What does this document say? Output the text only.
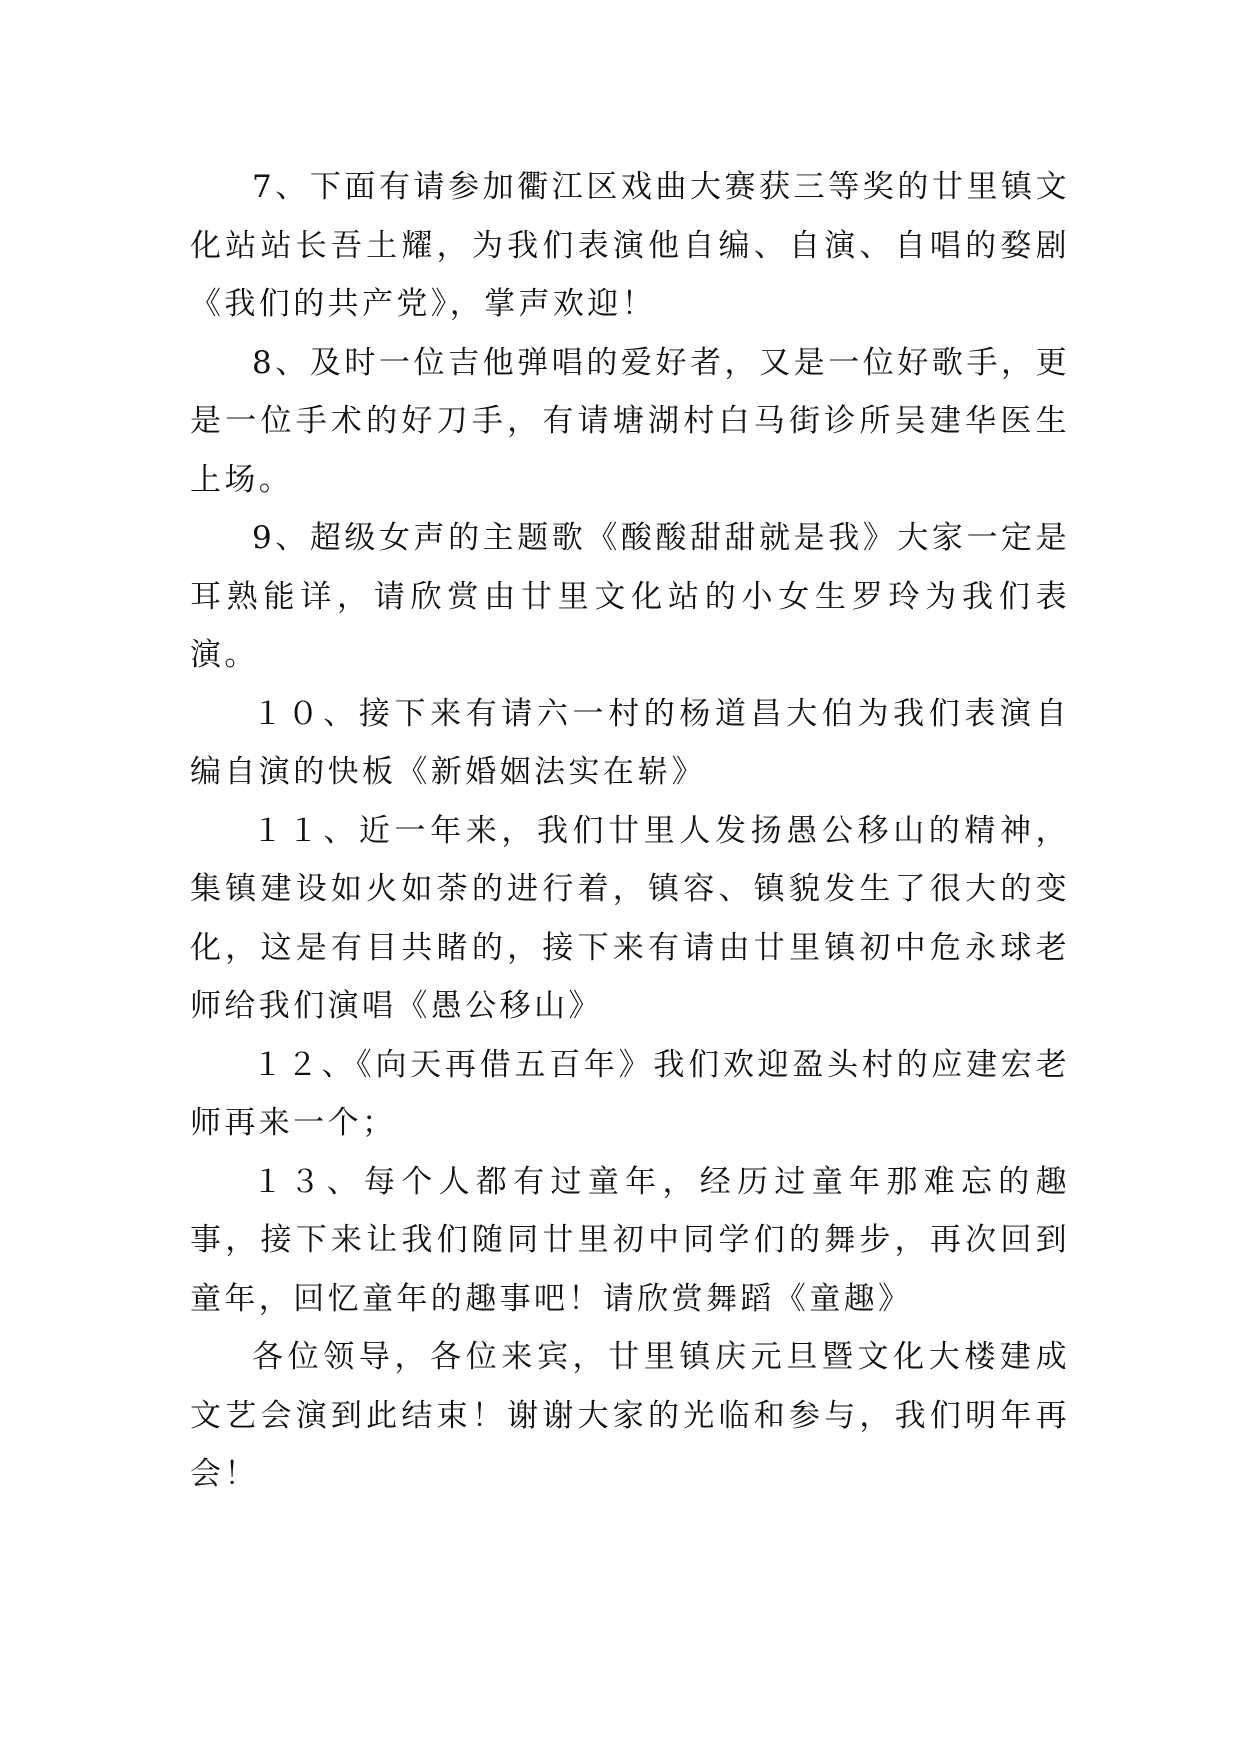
7、下面有请参加衢江区戏曲大赛获三等奖的廿里镇文化站站长吾土耀，为我们表演他自编、自演、自唱的婺剧《我们的共产党》，掌声欢迎！

8、及时一位吉他弹唱的爱好者，又是一位好歌手，更是一位手术的好刀手，有请塘湖村白马街诊所吴建华医生上场。

9、超级女声的主题歌《酸酸甜甜就是我》大家一定是耳熟能详，请欣赏由廿里文化站的小女生罗玲为我们表演。

１０、接下来有请六一村的杨道昌大伯为我们表演自编自演的快板《新婚姻法实在崭》

１１、近一年来，我们廿里人发扬愚公移山的精神，集镇建设如火如荼的进行着，镇容、镇貌发生了很大的变化，这是有目共睹的，接下来有请由廿里镇初中危永球老师给我们演唱《愚公移山》

１２、《向天再借五百年》我们欢迎盈头村的应建宏老师再来一个；

１３、每个人都有过童年，经历过童年那难忘的趣事，接下来让我们随同廿里初中同学们的舞步，再次回到童年，回忆童年的趣事吧！请欣赏舞蹈《童趣》

各位领导，各位来宾，廿里镇庆元旦暨文化大楼建成文艺会演到此结束！谢谢大家的光临和参与，我们明年再会！
